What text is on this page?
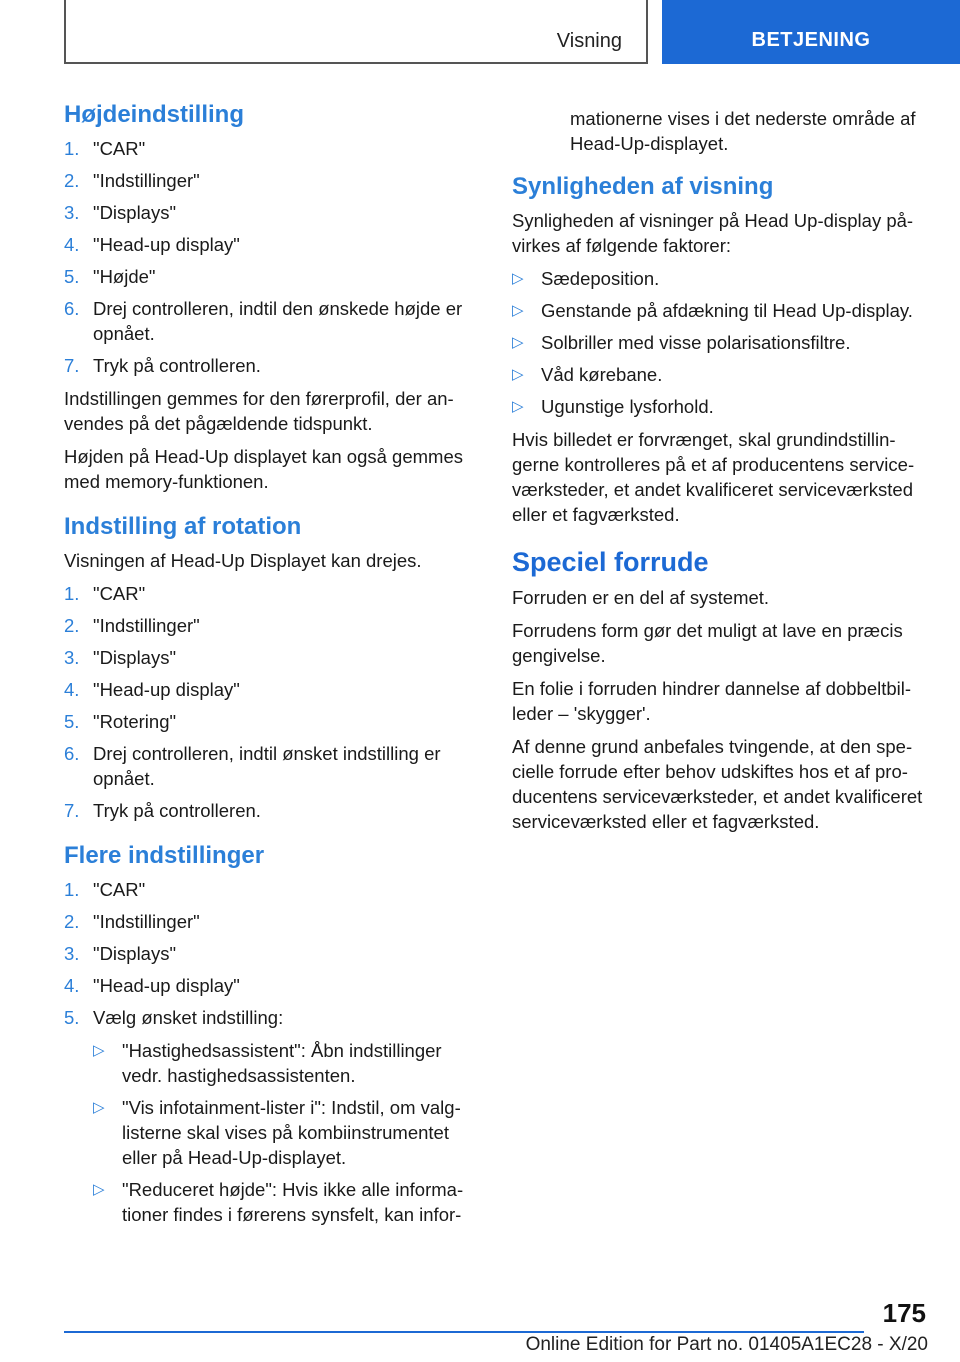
Visning	BETJENING
Højdeindstilling
1. "CAR"
2. "Indstillinger"
3. "Displays"
4. "Head-up display"
5. "Højde"
6. Drej controlleren, indtil den ønskede højde er opnået.
7. Tryk på controlleren.

Indstillingen gemmes for den førerprofil, der anvendes på det pågældende tidspunkt.

Højden på Head-Up displayet kan også gemmes med memory-funktionen.

Indstilling af rotation

Visningen af Head-Up Displayet kan drejes.

1. "CAR"
2. "Indstillinger"
3. "Displays"
4. "Head-up display"
5. "Rotering"
6. Drej controlleren, indtil ønsket indstilling er opnået.
7. Tryk på controlleren.
Flere indstillinger
1. "CAR"
2. "Indstillinger"
3. "Displays"
4. "Head-up display"
5. Vælg ønsket indstilling:
▷ "Hastighedsassistent": Åbn indstillinger vedr. hastighedsassistenten.
▷ "Vis infotainment-lister i": Indstil, om valglisterne skal vises på kombiinstrumentet eller på Head-Up-displayet.
▷ "Reduceret højde": Hvis ikke alle informationer findes i førerens synsfelt, kan infor-
mationerne vises i det nederste område af Head-Up-displayet.
Synligheden af visning

Synligheden af visninger på Head Up-display påvirkes af følgende faktorer:

▷ Sædeposition.
▷ Genstande på afdækning til Head Up-display.
▷ Solbriller med visse polarisationsfiltre.
▷ Våd kørebane.
▷ Ugunstige lysforhold.

Hvis billedet er forvrænget, skal grundindstillingerne kontrolleres på et af producentens serviceværksteder, et andet kvalificeret serviceværksted eller et fagværksted.

Speciel forrude

Forruden er en del af systemet.

Forrudens form gør det muligt at lave en præcis gengivelse.

En folie i forruden hindrer dannelse af dobbeltbilleder – 'skygger'.

Af denne grund anbefales tvingende, at den specielle forrude efter behov udskiftes hos et af producentens serviceværksteder, et andet kvalificeret serviceværksted eller et fagværksted.

175
Online Edition for Part no. 01405A1EC28 - X/20
